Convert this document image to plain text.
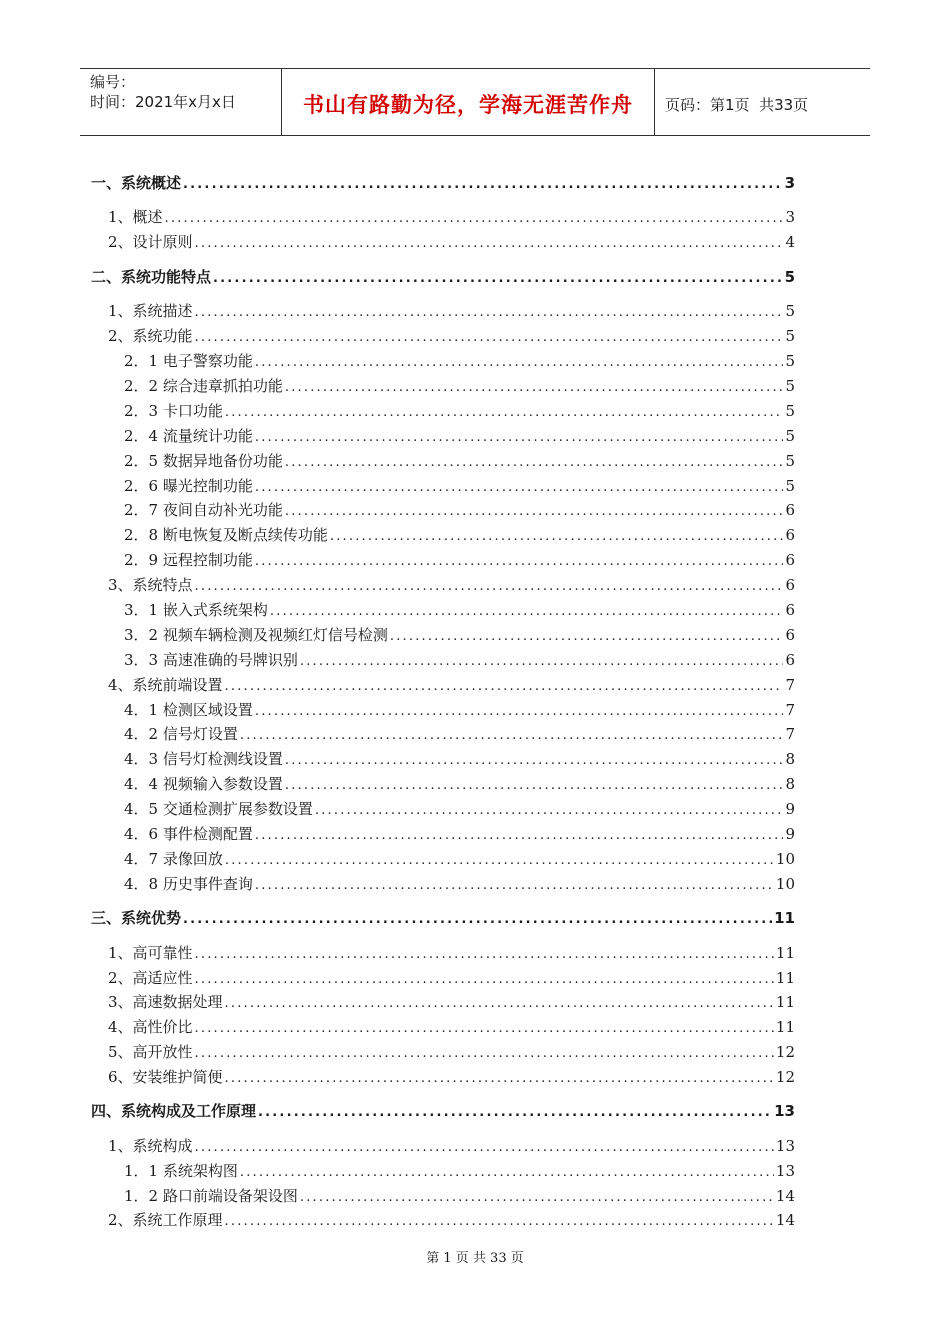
编号：
时间：2021年x月x日	书山有路勤为径，学海无涯苦作舟 页码：第1页  共33页
一、系统概述 .....	3
1、概述 .....	3
2、设计原则 .....	4
二、系统功能特点 .....	5
1、系统描述 .....	5
2、系统功能 .....	5
2．1 电子警察功能 .....	5
2．2 综合违章抓拍功能 .....	5
2．3 卡口功能 .....	5
2．4 流量统计功能 .....	5
2．5 数据异地备份功能 .....	5
2．6 曝光控制功能 .....	5
2．7 夜间自动补光功能 .....	6
2．8 断电恢复及断点续传功能 .....	6
2．9 远程控制功能 .....	6
3、系统特点 .....	6
3．1 嵌入式系统架构 .....	6
3．2 视频车辆检测及视频红灯信号检测 .....	6
3．3 高速准确的号牌识别 .....	6
4、系统前端设置 .....	7
4．1 检测区域设置 .....	7
4．2 信号灯设置 .....	7
4．3 信号灯检测线设置 .....	8
4．4 视频输入参数设置 .....	8
4．5 交通检测扩展参数设置 .....	9
4．6 事件检测配置 .....	9
4．7 录像回放 .....	10
4．8 历史事件查询 .....	10
三、系统优势 .....	11
1、高可靠性 .....	11
2、高适应性 .....	11
3、高速数据处理 .....	11
4、高性价比 .....	11
5、高开放性 .....	12
6、安装维护简便 .....	12
四、系统构成及工作原理 .....	13
1、系统构成 .....	13
1．1 系统架构图 .....	13
1．2 路口前端设备架设图 .....	14
2、系统工作原理 .....	14
第 1 页 共 33 页
